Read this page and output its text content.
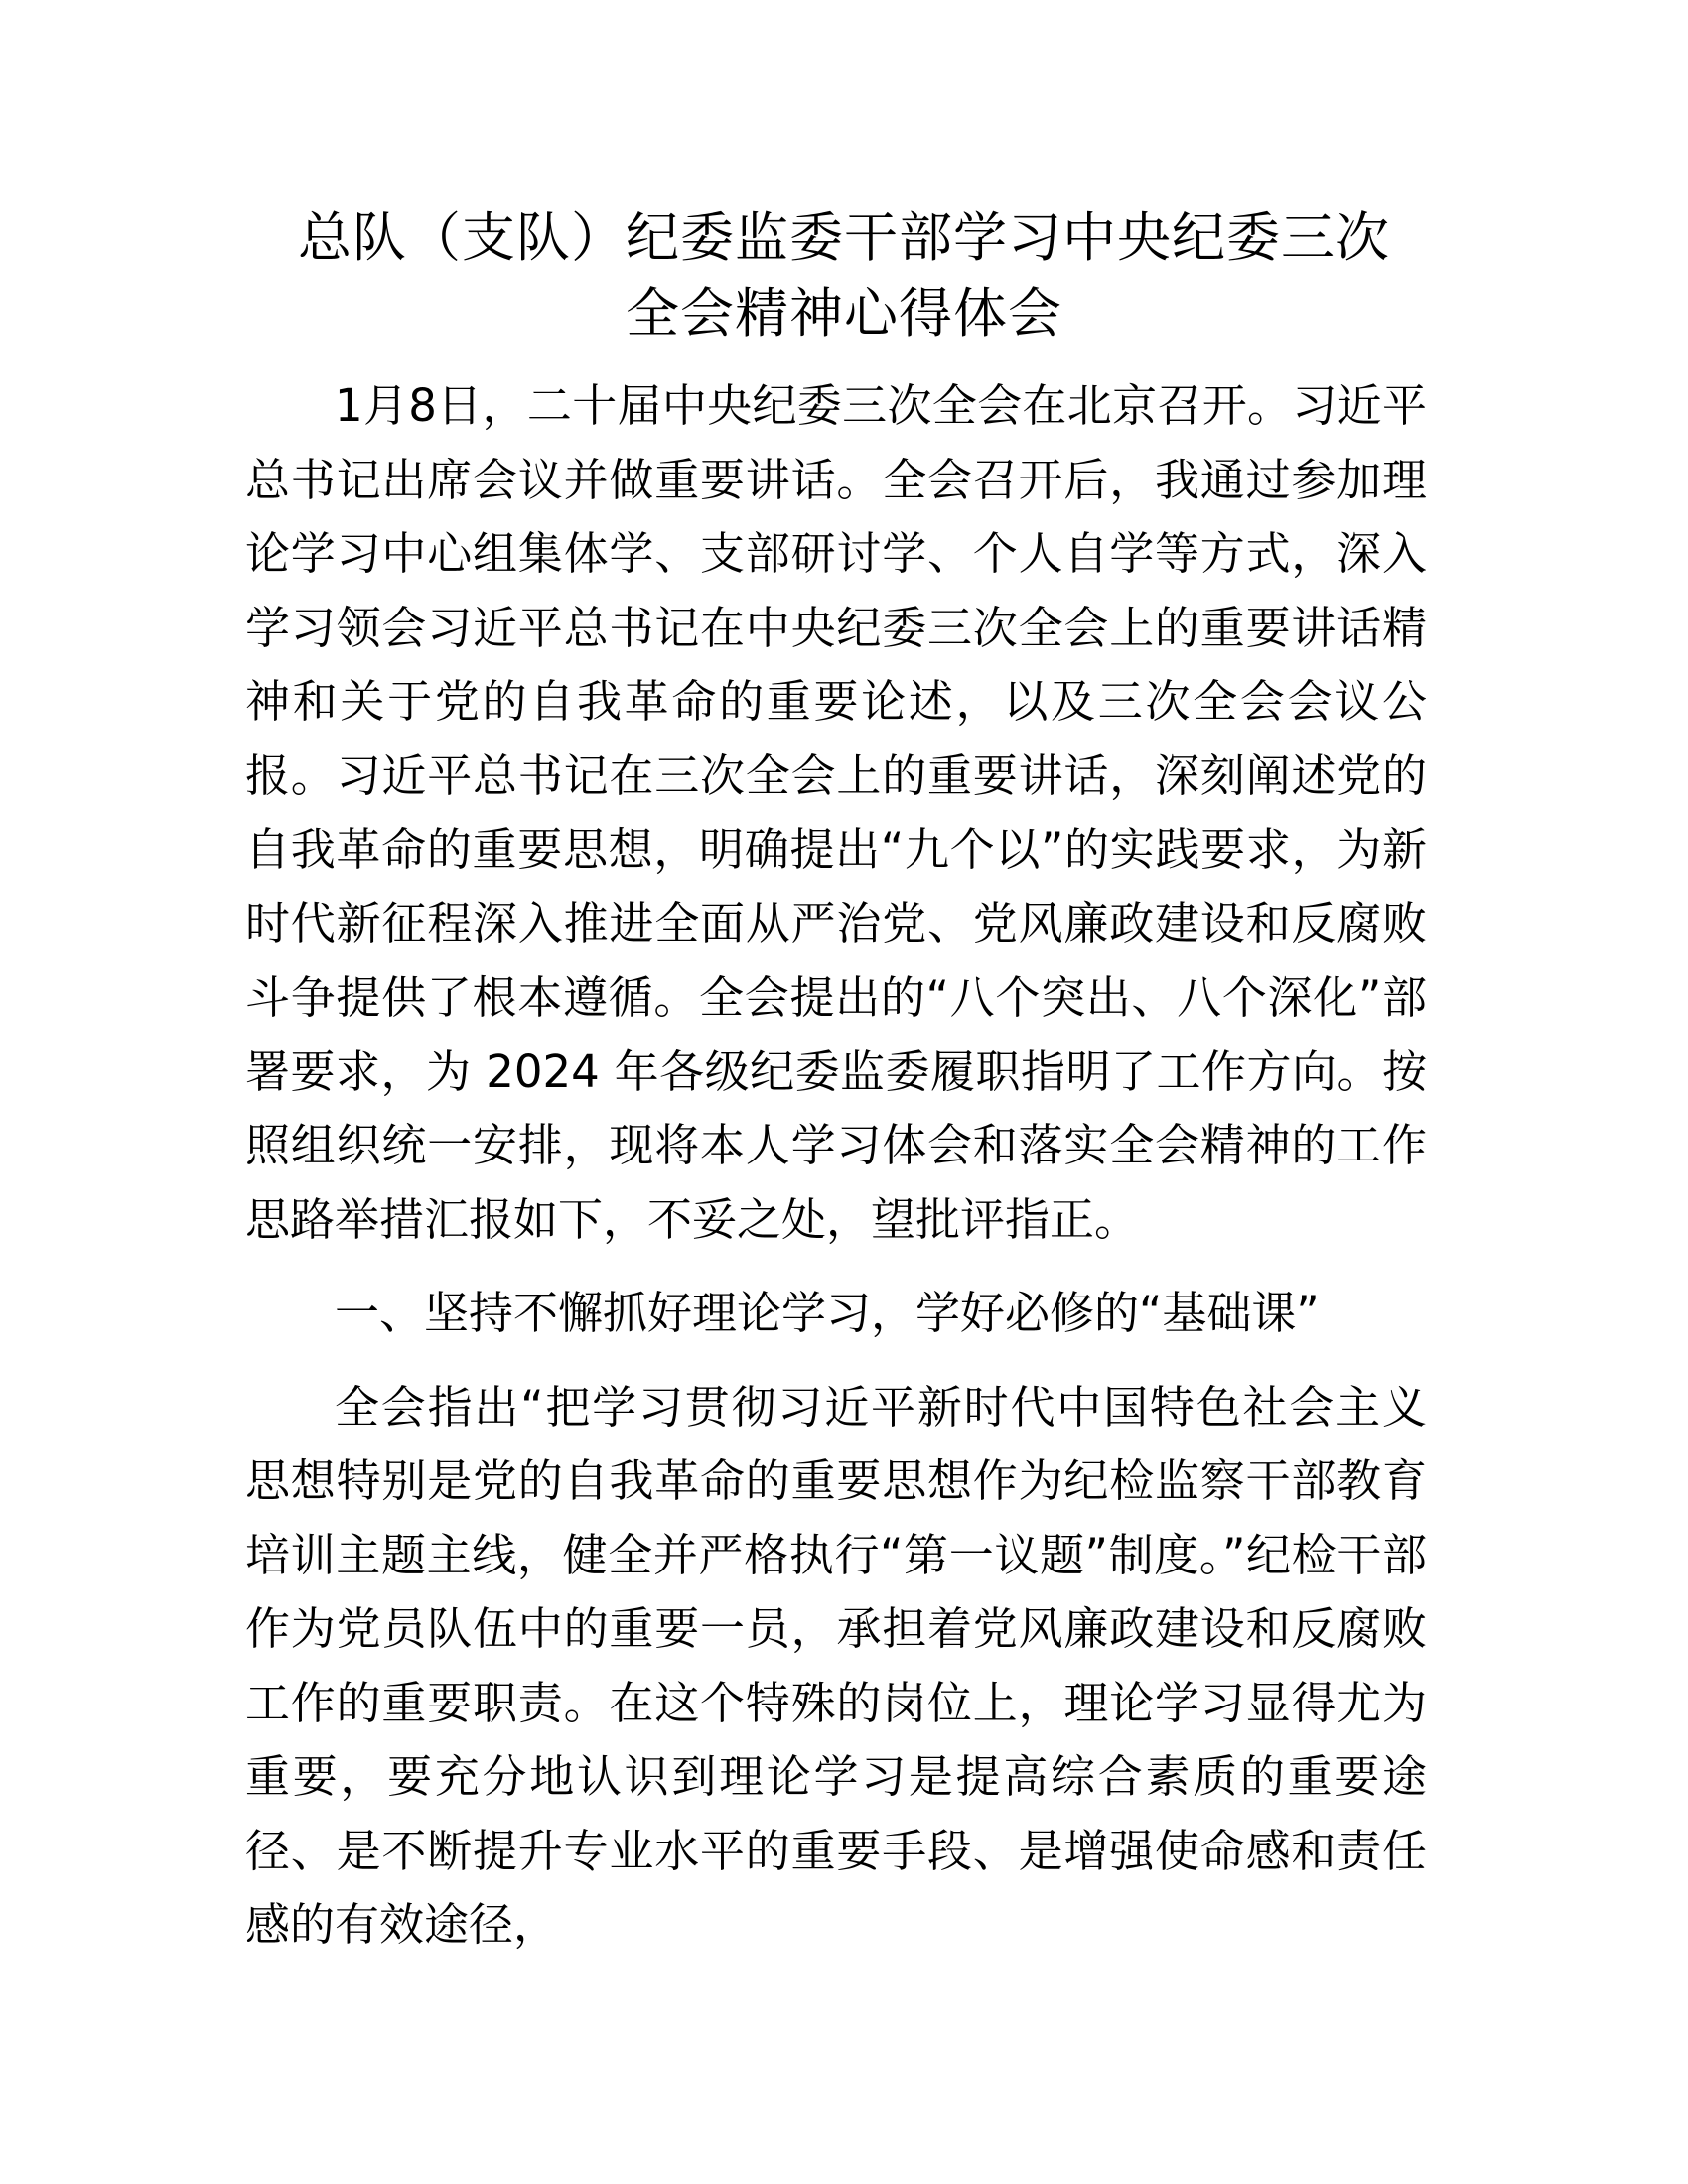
总队（支队）纪委监委干部学习中央纪委三次
全会精神心得体会

1月8日，二十届中央纪委三次全会在北京召开。习近平总书记出席会议并做重要讲话。全会召开后，我通过参加理论学习中心组集体学、支部研讨学、个人自学等方式，深入学习领会习近平总书记在中央纪委三次全会上的重要讲话精神和关于党的自我革命的重要论述，以及三次全会会议公报。习近平总书记在三次全会上的重要讲话，深刻阐述党的自我革命的重要思想，明确提出“九个以”的实践要求，为新时代新征程深入推进全面从严治党、党风廉政建设和反腐败斗争提供了根本遵循。全会提出的“八个突出、八个深化”部署要求，为 2024 年各级纪委监委履职指明了工作方向。按照组织统一安排，现将本人学习体会和落实全会精神的工作思路举措汇报如下，不妥之处，望批评指正。

一、坚持不懈抓好理论学习，学好必修的“基础课”

全会指出“把学习贯彻习近平新时代中国特色社会主义思想特别是党的自我革命的重要思想作为纪检监察干部教育培训主题主线，健全并严格执行“第一议题”制度。”纪检干部作为党员队伍中的重要一员，承担着党风廉政建设和反腐败工作的重要职责。在这个特殊的岗位上，理论学习显得尤为重要，要充分地认识到理论学习是提高综合素质的重要途径、是不断提升专业水平的重要手段、是增强使命感和责任感的有效途径，
